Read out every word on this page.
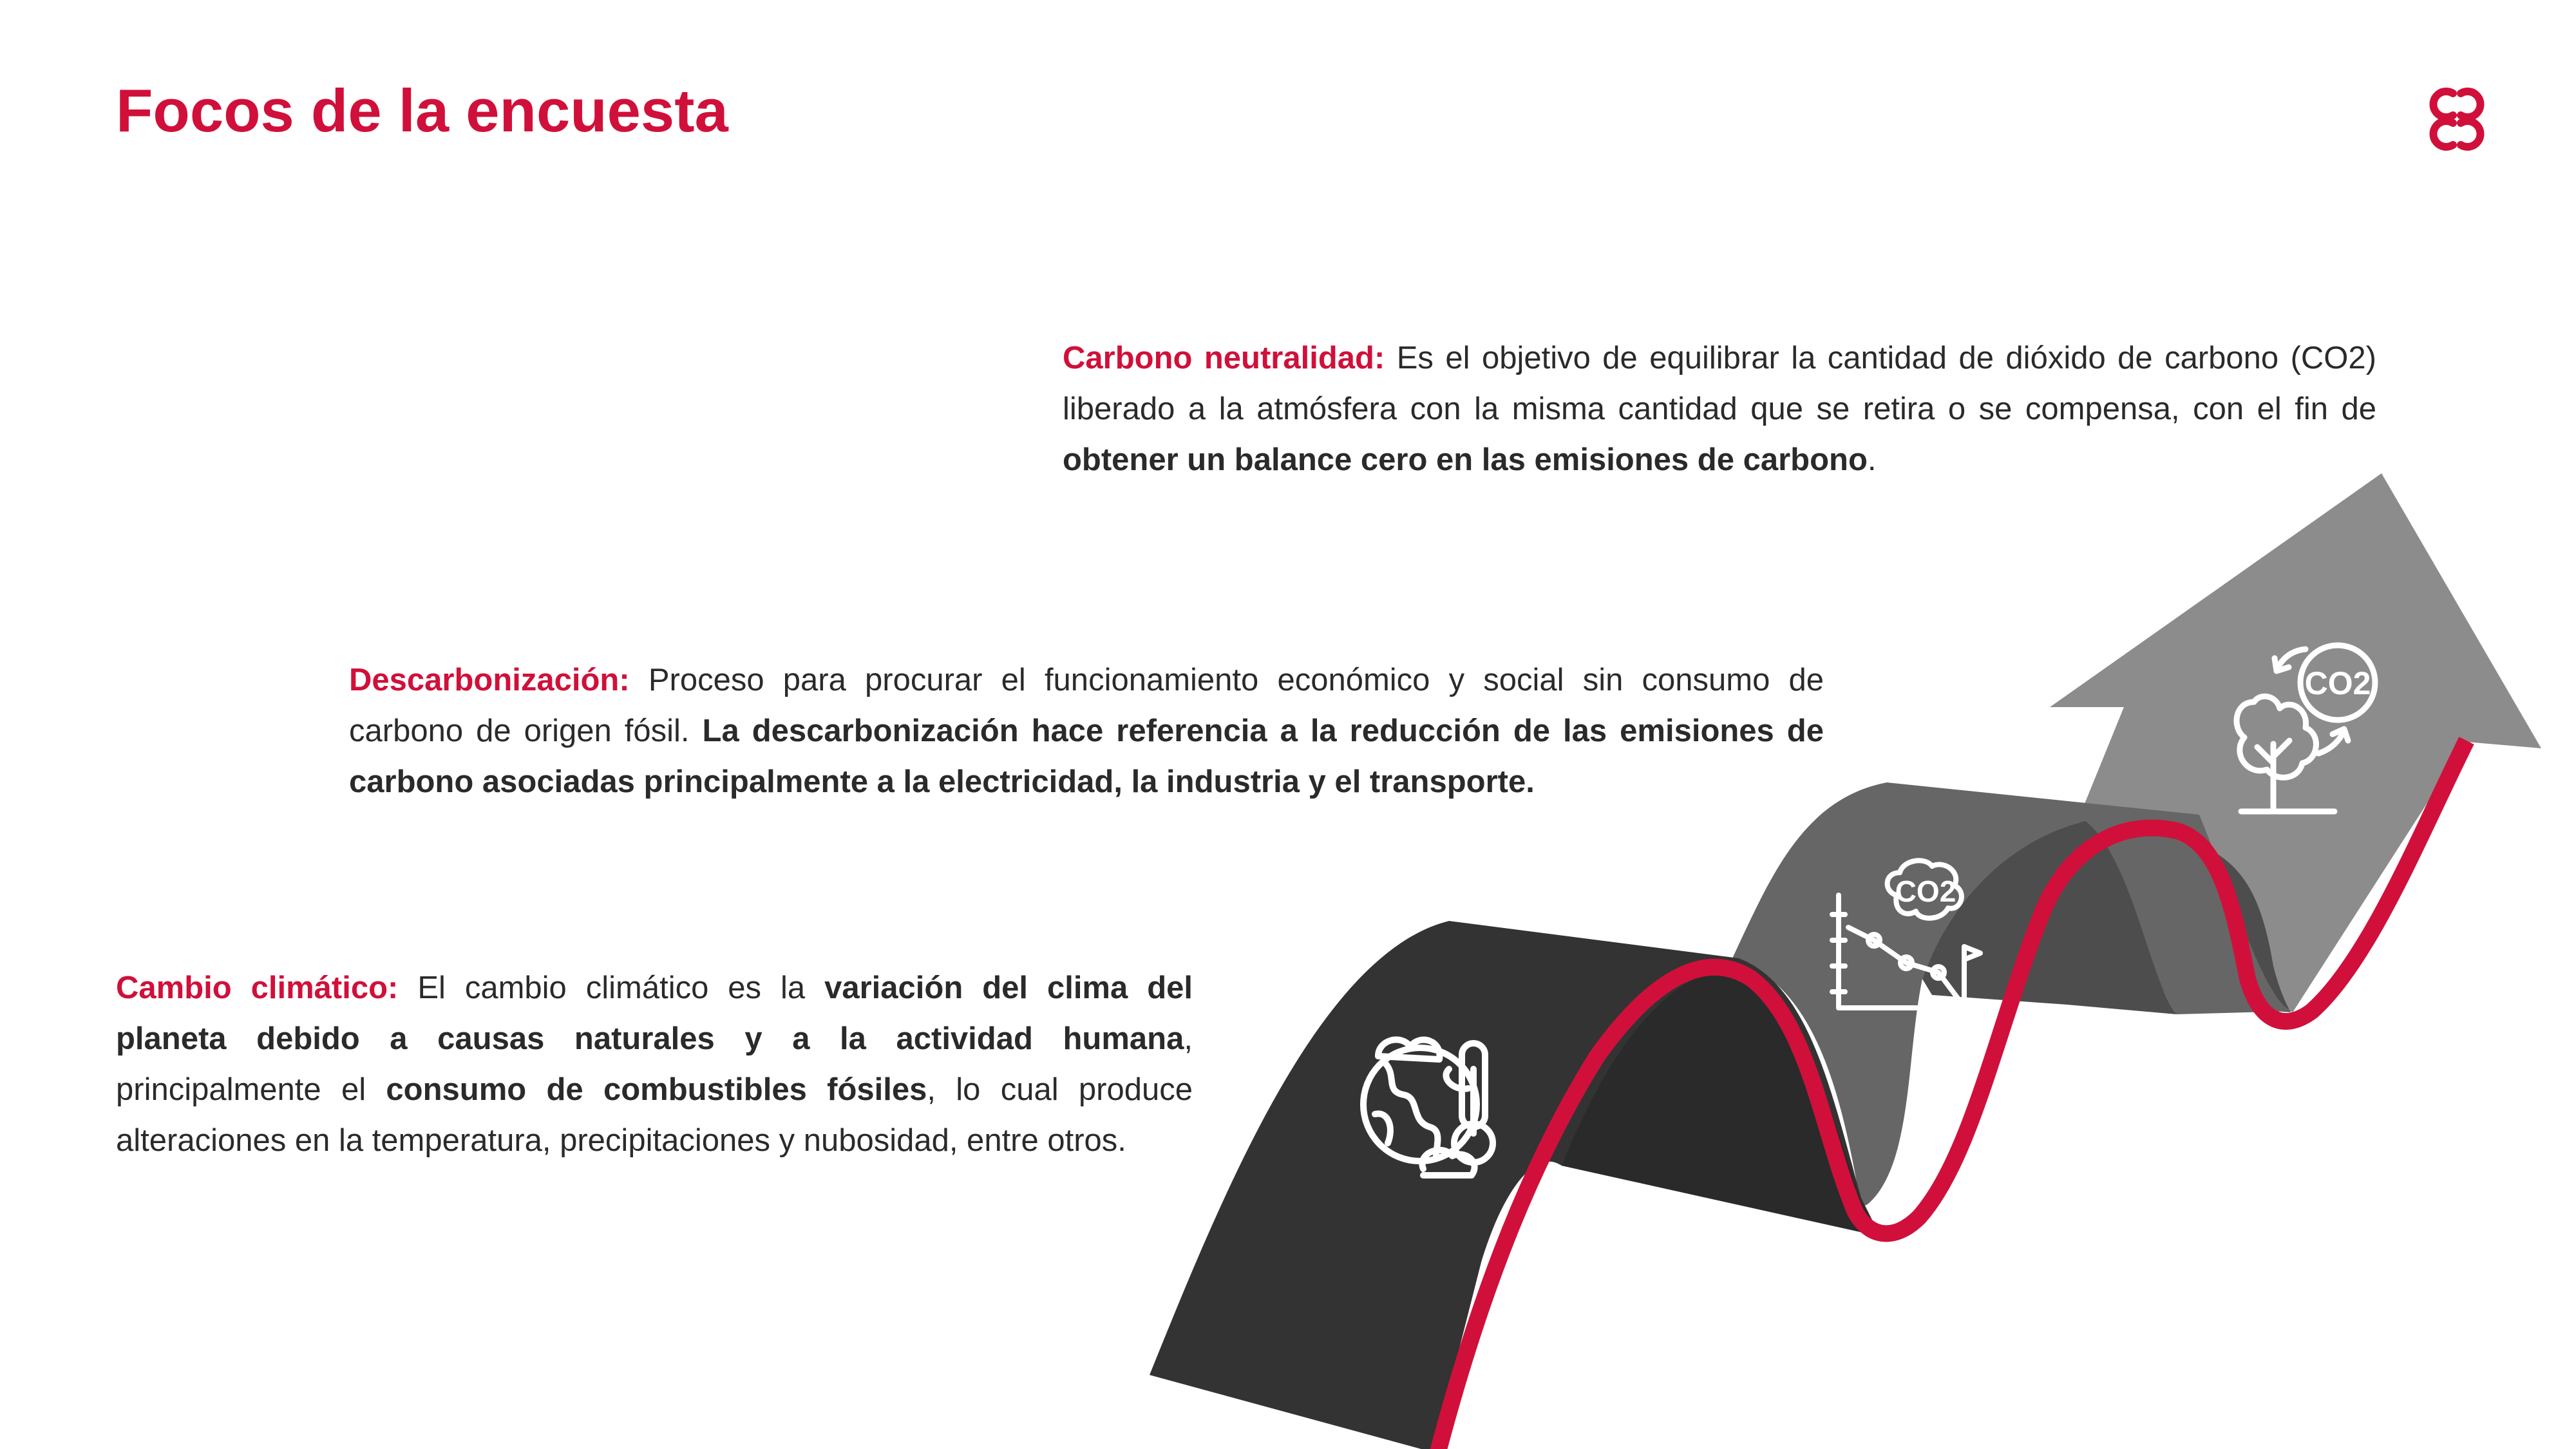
Focos de la encuesta
CO2
CO2

Carbono neutralidad: Es el objetivo de equilibrar la cantidad de dióxido de carbono (CO2) liberado a la atmósfera con la misma cantidad que se retira o se compensa, con el fin de obtener un balance cero en las emisiones de carbono.

Descarbonización: Proceso para procurar el funcionamiento económico y social sin consumo de carbono de origen fósil. La descarbonización hace referencia a la reducción de las emisiones de carbono asociadas principalmente a la electricidad, la industria y el transporte.

Cambio climático: El cambio climático es la variación del clima del planeta debido a causas naturales y a la actividad humana, principalmente el consumo de combustibles fósiles, lo cual produce alteraciones en la temperatura, precipitaciones y nubosidad, entre otros.
